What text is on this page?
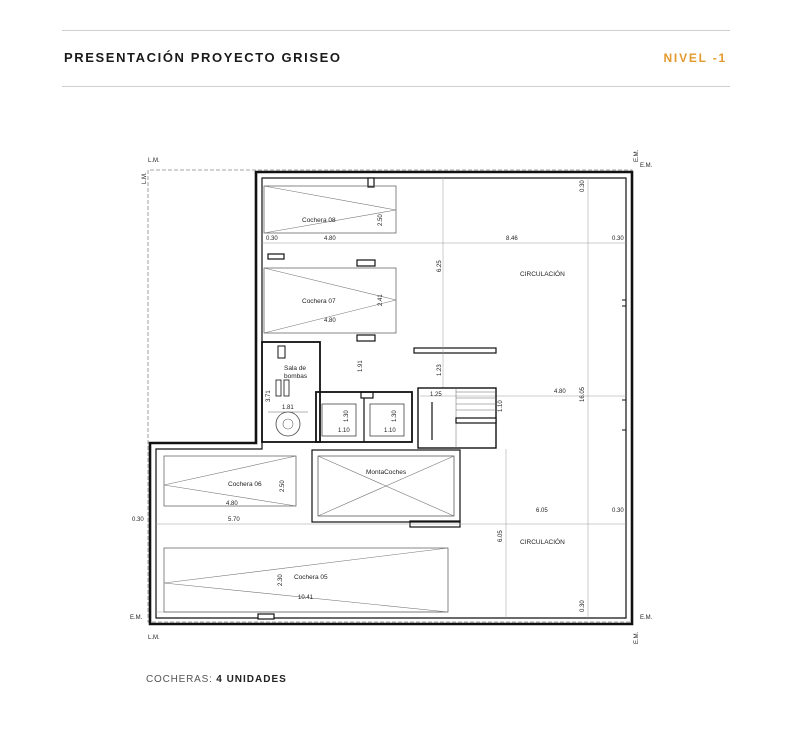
PRESENTACIÓN PROYECTO GRISEO	NIVEL -1
Cochera 08
Cochera 07
Sala de
bombas
Cochera 06
MontaCoches
Cochera 05
CIRCULACIÓN
CIRCULACIÓN
L.M.
E.M.
E.M.	E.M.
L.M.
L.M.
E.M.
E.M.
0.30	4.80
2.50
8.46	0.30
0.30
6.25
2.41
4.80
1.91	1.23
3.71
1.81
1.30	1.30
1.10	1.10
1.25
1.10
4.80 16.05
2.50
4.80
5.70
0.30
6.05	0.30
6.05
2.30
10.41
0.30
COCHERAS: 4 UNIDADES
